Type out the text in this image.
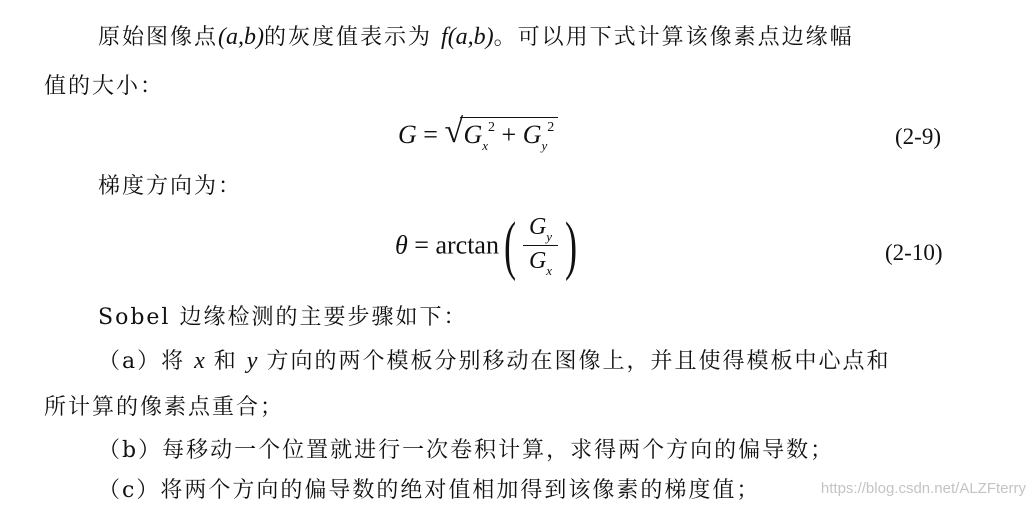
原始图像点(a,b)的灰度值表示为 f(a,b)。可以用下式计算该像素点边缘幅
值的大小：
G = √ $G_x^2 + G_y^2$	(2-9)
梯度方向为：
$\theta = \arctan( \frac{G_y}{G_x}$ )	(2-10)
Sobel 边缘检测的主要步骤如下：
（a）将 x 和 y 方向的两个模板分别移动在图像上，并且使得模板中心点和
所计算的像素点重合；
（b）每移动一个位置就进行一次卷积计算，求得两个方向的偏导数；
（c）将两个方向的偏导数的绝对值相加得到该像素的梯度值；	https://blog.csdn.net/ALZFterry
